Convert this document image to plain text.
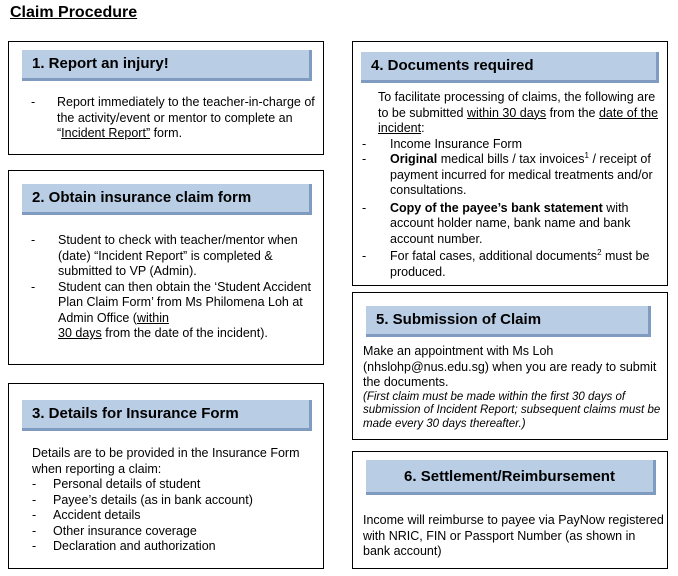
Claim Procedure
1. Report an injury!
- Report immediately to the teacher-in-charge of the activity/event or mentor to complete an “Incident Report” form.
2. Obtain insurance claim form
- Student to check with teacher/mentor when (date) “Incident Report” is completed & submitted to VP (Admin).
- Student can then obtain the ‘Student Accident Plan Claim Form’ from Ms Philomena Loh at Admin Office (within
30 days from the date of the incident).
3. Details for Insurance Form

Details are to be provided in the Insurance Form when reporting a claim:

- Personal details of student
- Payee’s details (as in bank account)
- Accident details
- Other insurance coverage
- Declaration and authorization
4. Documents required

To facilitate processing of claims, the following are to be submitted within 30 days from the date of the incident:

- Income Insurance Form
- Original medical bills / tax invoices$^1$ / receipt of payment incurred for medical treatments and/or consultations.
- Copy of the payee’s bank statement with account holder name, bank name and bank account number.
- For fatal cases, additional documents$^2$ must be produced.
5. Submission of Claim

Make an appointment with Ms Loh (nhslohp@nus.edu.sg) when you are ready to submit the documents.

(First claim must be made within the first 30 days of submission of Incident Report; subsequent claims must be made every 30 days thereafter.)

6. Settlement/Reimbursement

Income will reimburse to payee via PayNow registered with NRIC, FIN or Passport Number (as shown in bank account)
